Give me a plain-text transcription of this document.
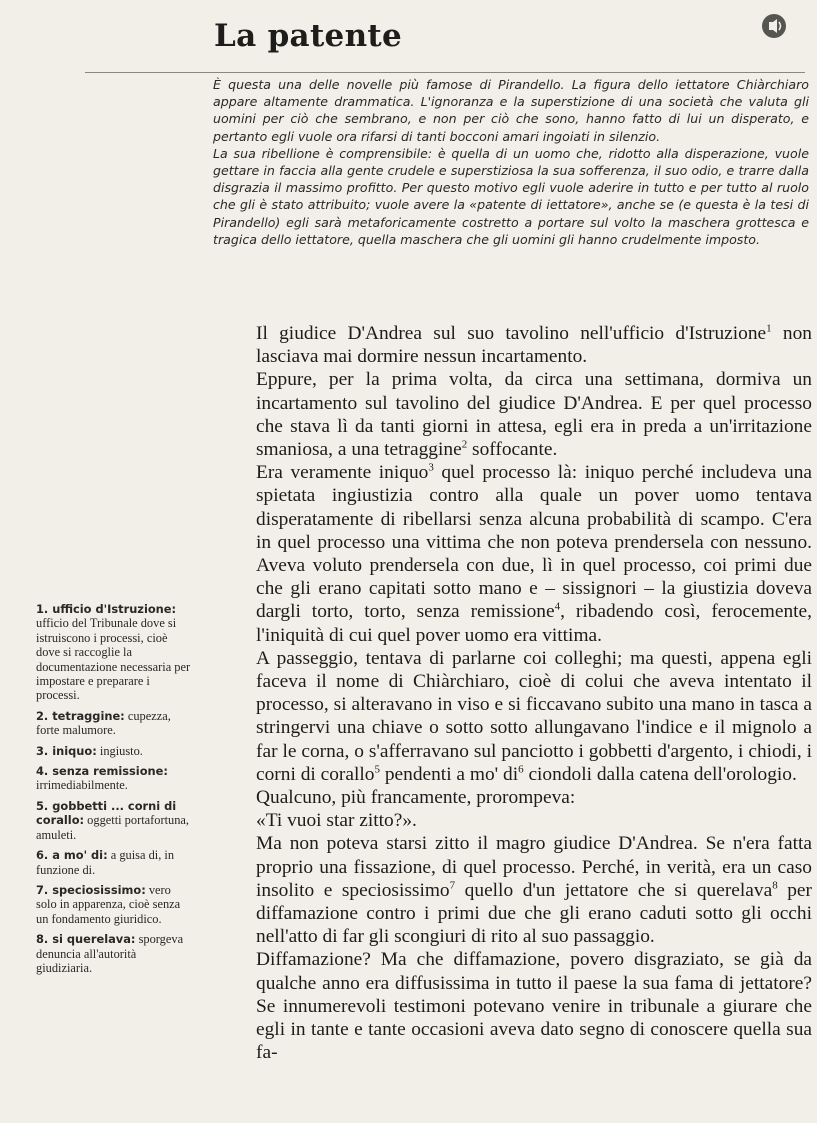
La patente

È questa una delle novelle più famose di Pirandello. La figura dello iettatore Chiàrchiaro appare altamente drammatica. L'ignoranza e la superstizione di una società che valuta gli uomini per ciò che sembrano, e non per ciò che sono, hanno fatto di lui un disperato, e pertanto egli vuole ora rifarsi di tanti bocconi amari ingoiati in silenzio.

La sua ribellione è comprensibile: è quella di un uomo che, ridotto alla disperazione, vuole gettare in faccia alla gente crudele e superstiziosa la sua sofferenza, il suo odio, e trarre dalla disgrazia il massimo profitto. Per questo motivo egli vuole aderire in tutto e per tutto al ruolo che gli è stato attribuito; vuole avere la «patente di iettatore», anche se (e questa è la tesi di Pirandello) egli sarà metaforicamente costretto a portare sul volto la maschera grottesca e tragica dello iettatore, quella maschera che gli uomini gli hanno crudelmente imposto.

Il giudice D'Andrea sul suo tavolino nell'ufficio d'Istruzione$^1$ non lasciava mai dormire nessun incartamento.

Eppure, per la prima volta, da circa una settimana, dormiva un incartamento sul tavolino del giudice D'Andrea. E per quel processo che stava lì da tanti giorni in attesa, egli era in preda a un'irritazione smaniosa, a una tetraggine$^2$ soffocante.

Era veramente iniquo$^3$ quel processo là: iniquo perché includeva una spietata ingiustizia contro alla quale un pover uomo tentava disperatamente di ribellarsi senza alcuna probabilità di scampo. C'era in quel processo una vittima che non poteva prendersela con nessuno. Aveva voluto prendersela con due, lì in quel processo, coi primi due che gli erano capitati sotto mano e – sissignori – la giustizia doveva dargli torto, torto, senza remissione$^4$, ribadendo così, ferocemente, l'iniquità di cui quel pover uomo era vittima.

A passeggio, tentava di parlarne coi colleghi; ma questi, appena egli faceva il nome di Chiàrchiaro, cioè di colui che aveva intentato il processo, si alteravano in viso e si ficcavano subito una mano in tasca a stringervi una chiave o sotto sotto allungavano l'indice e il mignolo a far le corna, o s'afferravano sul panciotto i gobbetti d'argento, i chiodi, i corni di corallo$^5$ pendenti a mo' $di^6$ ciondoli dalla catena dell'orologio.

Qualcuno, più francamente, prorompeva:

«Ti vuoi star zitto?».

Ma non poteva starsi zitto il magro giudice D'Andrea. Se n'era fatta proprio una fissazione, di quel processo. Perché, in verità, era un caso insolito e speciosissimo$^7$ quello d'un jettatore che si querelava$^8$ per diffamazione contro i primi due che gli erano caduti sotto gli occhi nell'atto di far gli scongiuri di rito al suo passaggio.

Diffamazione? Ma che diffamazione, povero disgraziato, se già da qualche anno era diffusissima in tutto il paese la sua fama di jettatore? Se innumerevoli testimoni potevano venire in tribunale a giurare che egli in tante e tante occasioni aveva dato segno di conoscere quella sua fa-

1. ufficio d'Istruzione: ufficio del Tribunale dove si istruiscono i processi, cioè dove si raccoglie la documentazione necessaria per impostare e preparare i processi.

2. tetraggine: cupezza, forte malumore.

3. iniquo: ingiusto.

4. senza remissione: irrimediabilmente.

5. gobbetti ... corni di corallo: oggetti portafortuna, amuleti.

6. a mo' di: a guisa di, in funzione di.

7. speciosissimo: vero solo in apparenza, cioè senza un fondamento giuridico.

8. si querelava: sporgeva denuncia all'autorità giudiziaria.
